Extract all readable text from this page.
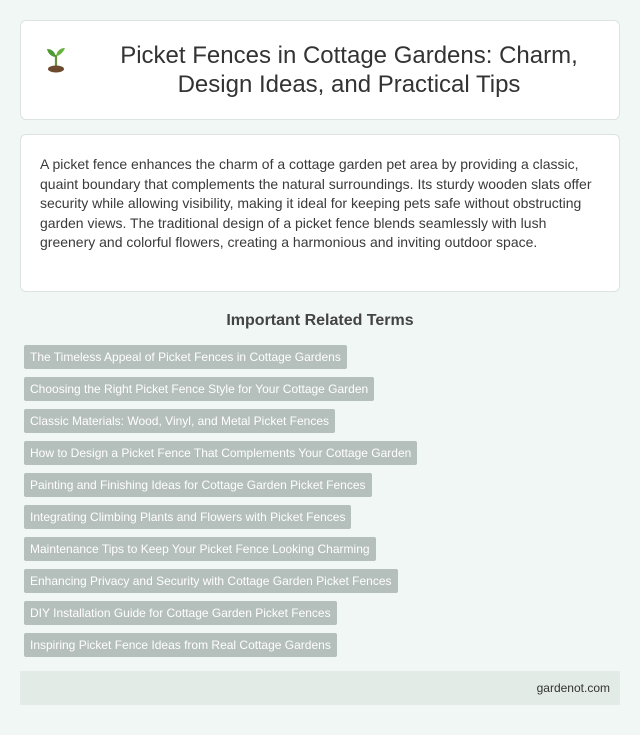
Picket Fences in Cottage Gardens: Charm, Design Ideas, and Practical Tips

A picket fence enhances the charm of a cottage garden pet area by providing a classic, quaint boundary that complements the natural surroundings. Its sturdy wooden slats offer security while allowing visibility, making it ideal for keeping pets safe without obstructing garden views. The traditional design of a picket fence blends seamlessly with lush greenery and colorful flowers, creating a harmonious and inviting outdoor space.

Important Related Terms
The Timeless Appeal of Picket Fences in Cottage Gardens
Choosing the Right Picket Fence Style for Your Cottage Garden
Classic Materials: Wood, Vinyl, and Metal Picket Fences
How to Design a Picket Fence That Complements Your Cottage Garden
Painting and Finishing Ideas for Cottage Garden Picket Fences
Integrating Climbing Plants and Flowers with Picket Fences
Maintenance Tips to Keep Your Picket Fence Looking Charming
Enhancing Privacy and Security with Cottage Garden Picket Fences
DIY Installation Guide for Cottage Garden Picket Fences
Inspiring Picket Fence Ideas from Real Cottage Gardens
gardenot.com
